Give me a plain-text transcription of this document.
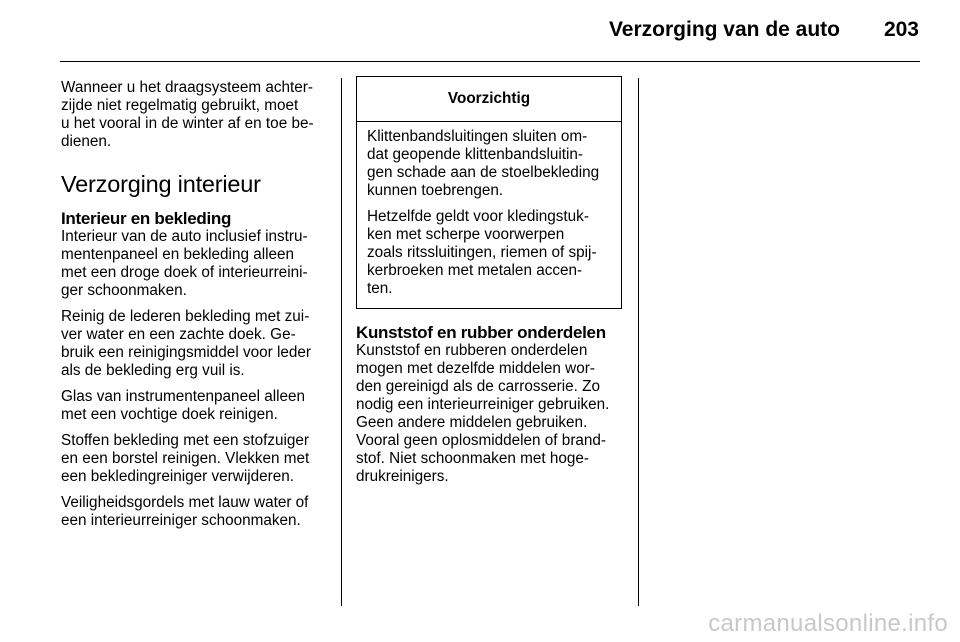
Verzorging van de auto 203

Wanneer u het draagsysteem achter-
zijde niet regelmatig gebruikt, moet
u het vooral in de winter af en toe be-
dienen.

Verzorging interieur
Interieur en bekleding

Interieur van de auto inclusief instru-
mentenpaneel en bekleding alleen
met een droge doek of interieurreini-
ger schoonmaken.

Reinig de lederen bekleding met zui-
ver water en een zachte doek. Ge-
bruik een reinigingsmiddel voor leder
als de bekleding erg vuil is.

Glas van instrumentenpaneel alleen
met een vochtige doek reinigen.

Stoffen bekleding met een stofzuiger
en een borstel reinigen. Vlekken met
een bekledingreiniger verwijderen.

Veiligheidsgordels met lauw water of
een interieurreiniger schoonmaken.

Voorzichtig

Klittenbandsluitingen sluiten om-
dat geopende klittenbandsluitin-
gen schade aan de stoelbekleding
kunnen toebrengen.

Hetzelfde geldt voor kledingstuk-
ken met scherpe voorwerpen
zoals ritssluitingen, riemen of spij-
kerbroeken met metalen accen-
ten.

Kunststof en rubber onderdelen

Kunststof en rubberen onderdelen
mogen met dezelfde middelen wor-
den gereinigd als de carrosserie. Zo
nodig een interieurreiniger gebruiken.
Geen andere middelen gebruiken.
Vooral geen oplosmiddelen of brand-
stof. Niet schoonmaken met hoge-
drukreinigers.

carmanualsonline.info
